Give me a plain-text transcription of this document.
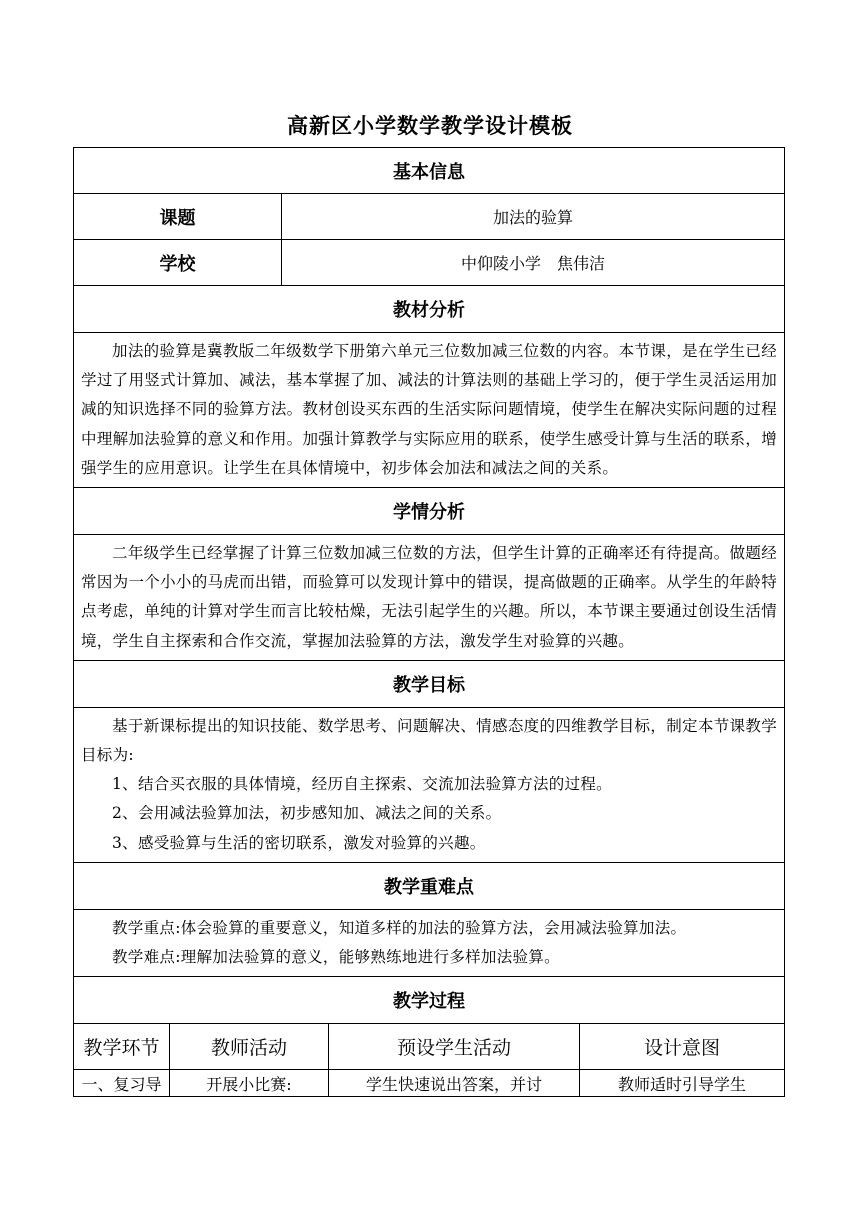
高新区小学数学教学设计模板
基本信息
课题	加法的验算
学校	中仰陵小学　焦伟洁
教材分析

加法的验算是冀教版二年级数学下册第六单元三位数加减三位数的内容。本节课，是在学生已经学过了用竖式计算加、减法，基本掌握了加、减法的计算法则的基础上学习的，便于学生灵活运用加减的知识选择不同的验算方法。教材创设买东西的生活实际问题情境，使学生在解决实际问题的过程中理解加法验算的意义和作用。加强计算教学与实际应用的联系，使学生感受计算与生活的联系，增强学生的应用意识。让学生在具体情境中，初步体会加法和减法之间的关系。

学情分析

二年级学生已经掌握了计算三位数加减三位数的方法，但学生计算的正确率还有待提高。做题经常因为一个小小的马虎而出错，而验算可以发现计算中的错误，提高做题的正确率。从学生的年龄特点考虑，单纯的计算对学生而言比较枯燥，无法引起学生的兴趣。所以，本节课主要通过创设生活情境，学生自主探索和合作交流，掌握加法验算的方法，激发学生对验算的兴趣。

教学目标

基于新课标提出的知识技能、数学思考、问题解决、情感态度的四维教学目标，制定本节课教学目标为:

1、结合买衣服的具体情境，经历自主探索、交流加法验算方法的过程。

2、会用减法验算加法，初步感知加、减法之间的关系。

3、感受验算与生活的密切联系，激发对验算的兴趣。

教学重难点

教学重点:体会验算的重要意义，知道多样的加法的验算方法，会用减法验算加法。

教学难点:理解加法验算的意义，能够熟练地进行多样加法验算。

教学过程
教学环节	教师活动	预设学生活动	设计意图
一、复习导	开展小比赛:	学生快速说出答案，并讨	教师适时引导学生
